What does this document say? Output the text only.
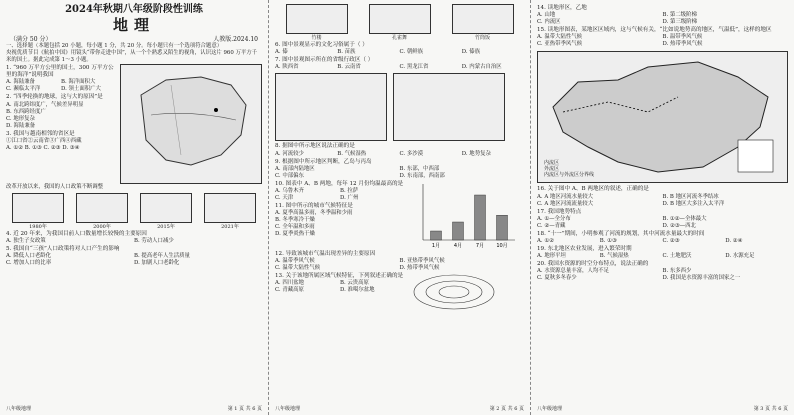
2024年秋期八年级阶段性训练
地理
（满分 50 分）	人教版.2024.10

一、选择题（本题包括 20 小题，每小题 1 分，共 20 分。每小题只有一个选项符合题意）

央视优质节目《航拍中国》用镜头“带你走进中国”，从一个个熟悉又陌生的视角，认识这片 960 万平方千米的国土。据此完成第 1～3 小题。

1. “960 万平方公里的国土，300 万平方公里的海洋”说明我国

A. 海陆兼备	B. 海洋面积大
C. 濒临太平洋	D. 领土面积广大

2. “四季轮换的地球，这与大的原因”是

A. 南北跨纬度广，气候差异明显
B. 东西跨经度广
C. 地形复杂
D. 海陆兼备

3. 我国与越南相邻的省区是

①江口省②云南省③广西④西藏
A. ①② B. ①③ C. ②③ D. ③④

改革开放以来，我国的人口政策不断调整

1980年	2000年	2015年	2021年

4. 近 20 年来，为我国目前人口数量增长较慢的主要原因

A. 独生子女政策	B. 劳动人口减少

5. 我国自“三孩”人口政策将对人口产生的影响

A. 降低人口老龄化	B. 提高老年人生活质量
C. 增加人口的比率	D. 加剧人口老龄化
八年级地理	第 1 页 共 6 页
竹楼	孔雀舞	竹筒饭

6. 图中景观显示的文化习俗属于（ ）

A. 傣	B. 苗族	C. 朝鲜族	D. 傣族

7. 图中景观图示所在的省级行政区（ ）

A. 陕西省	B. 云南省	C. 黑龙江省	D. 内蒙古自治区

8. 据图中所示地区说法正确的是

A. 河流较少	B. 气候湿热	C. 多沙漠	D. 地势复杂

9. 根据图中所示地区判断，乙岛与丙岛

A. 南部内陆地区	B. 东部，中西部
C. 中部偏东	D. 东南部，西南部

10. 图表中 A、B 两地，每年 12 月份均温最高的是

A. 乌鲁木齐	B. 拉萨
C. 天津	D. 广州

11. 图中所示的城市气候特征是

A. 夏季高温多雨，冬季温和少雨
B. 冬季寒冷干燥
C. 全年温和多雨
D. 夏季炎热干燥
1月	4月	7月 10月

12. 导致该城市气温出现差异的主要原因

A. 温带季风气候	B. 亚热带季风气候
C. 温带大陆性气候	D. 热带季风气候

13. 关于该地所属区域气候特征，下列叙述正确的是

A. 四川盆地	B. 云贵高原
C. 青藏高原	D. 准噶尔盆地
八年级地理	第 2 页 共 6 页

14. 读地形区，乙地

A. 山地	B. 第二级阶梯
C. 内流区	D. 第三级阶梯

15. 读地形图表，某地区区域内，这与气候有关，“比如说地势高的地区，气温低”，这样的地区

A. 温带大陆性气候	B. 温带季风气候
C. 亚热带季风气候	D. 热带季风气候
内流区
外流区
内流区与外流区分界线

16. 关于图中 A、B 两地区的叙述，正确的是

A. A 地区河流水量较大	B. B 地区河流冬季结冰
C. A 地区河流流量较大	D. B 地区大多注入太平洋

17. 我国地势特点

A. ①—全分布	B. ①②—全体最大
C. ②—青藏	D. ②③—西北

18. “十一”期间，小明参观了河流的规划，其中河流水量最大的时间

A. ①②	B. ①③	C. ②③	D. ②④

19. 东北地区农业发展，进入繁荣时期

A. 地形平坦	B. 气候湿热	C. 土地肥沃	D. 水源充足

20. 我国水资源的时空分布特点，说法正确的

A. 水资源总量丰富，人均不足	B. 东多西少
C. 夏秋多冬春少	D. 我国是水资源丰富的国家之一
八年级地理	第 3 页 共 6 页
